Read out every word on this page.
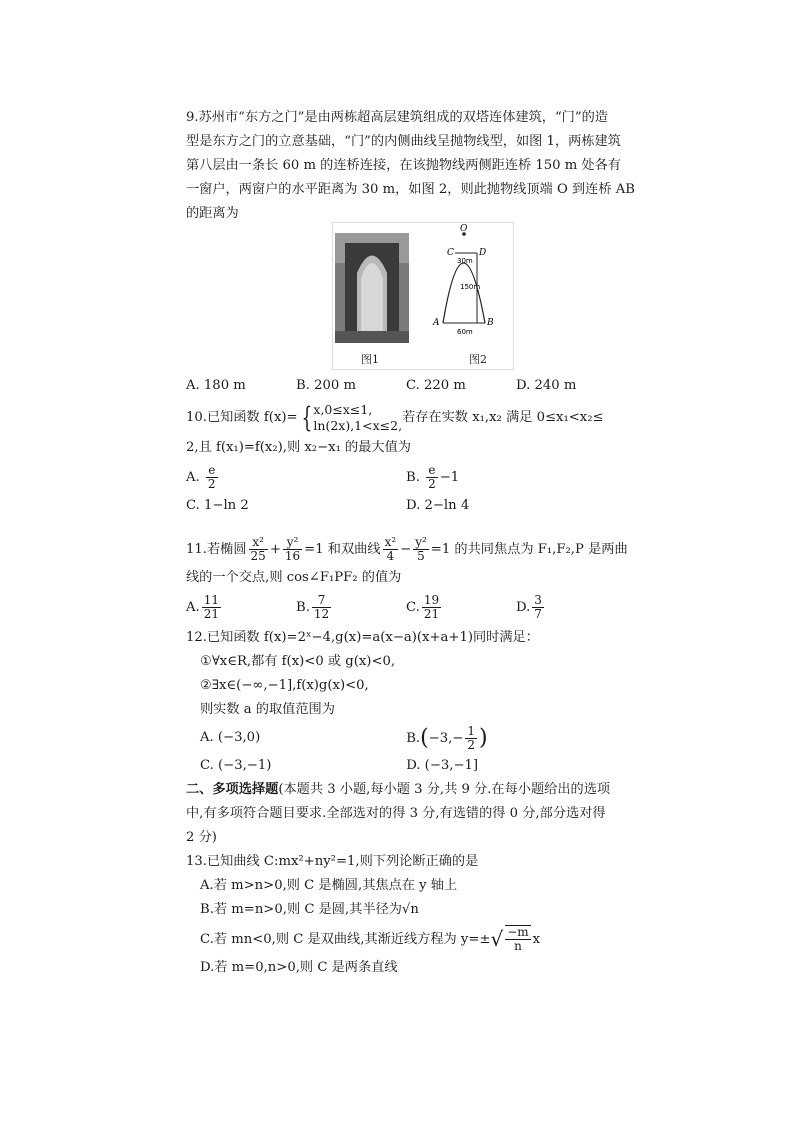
9.苏州市“东方之门”是由两栋超高层建筑组成的双塔连体建筑，“门”的造
型是东方之门的立意基础，“门”的内侧曲线呈抛物线型，如图 1，两栋建筑
第八层由一条长 60 m 的连桥连接，在该抛物线两侧距连桥 150 m 处各有
一窗户，两窗户的水平距离为 30 m，如图 2，则此抛物线顶端 O 到连桥 AB
的距离为
图1
O
C	D
30m
150m
A	B
60m
图2
A. 180 m	B. 200 m	C. 220 m	D. 240 m
10.已知函数 f(x)= { x,0≤x≤1,
ln(2x),1<x≤2, 若存在实数 x₁,x₂ 满足 0≤x₁<x₂≤
2,且 f(x₁)=f(x₂),则 x₂−x₁ 的最大值为
A. $\frac{e}{2}$	B. $\frac{e}{2} -1$
C. 1−ln 2	D. 2−ln 4
11.若椭圆 $\frac{\text{x²}}{25} + \frac{\text{y²}}{16} =1$ 和双曲线 $\frac{\text{x²}}{4} - \frac{\text{y²}}{5} =1$ 的共同焦点为 F₁,F₂,P 是两曲
线的一个交点,则 cos∠F₁PF₂ 的值为
A. $\frac{11}{21}$	B. $\frac{7}{12}$	C. $\frac{19}{21}$	D. $\frac{3}{7}$
12.已知函数 f(x)=2ˣ−4,g(x)=a(x−a)(x+a+1)同时满足：
①∀x∈R,都有 f(x)<0 或 g(x)<0,
②∃x∈(−∞,−1],f(x)g(x)<0,
则实数 a 的取值范围为
A. (−3,0)	$B.(-3,- \frac{1}{2}$ )
C. (−3,−1)	D. (−3,−1]
二、多项选择题(本题共 3 小题,每小题 3 分,共 9 分.在每小题给出的选项
中,有多项符合题目要求.全部选对的得 3 分,有选错的得 0 分,部分选对得
2 分)
13.已知曲线 C:mx²+ny²=1,则下列论断正确的是
A.若 m>n>0,则 C 是椭圆,其焦点在 y 轴上
B.若 m=n>0,则 C 是圆,其半径为√n
C.若 mn<0,则 C 是双曲线,其渐近线方程为 $y=\pm√ \frac{-m}{n}$ x
D.若 m=0,n>0,则 C 是两条直线
